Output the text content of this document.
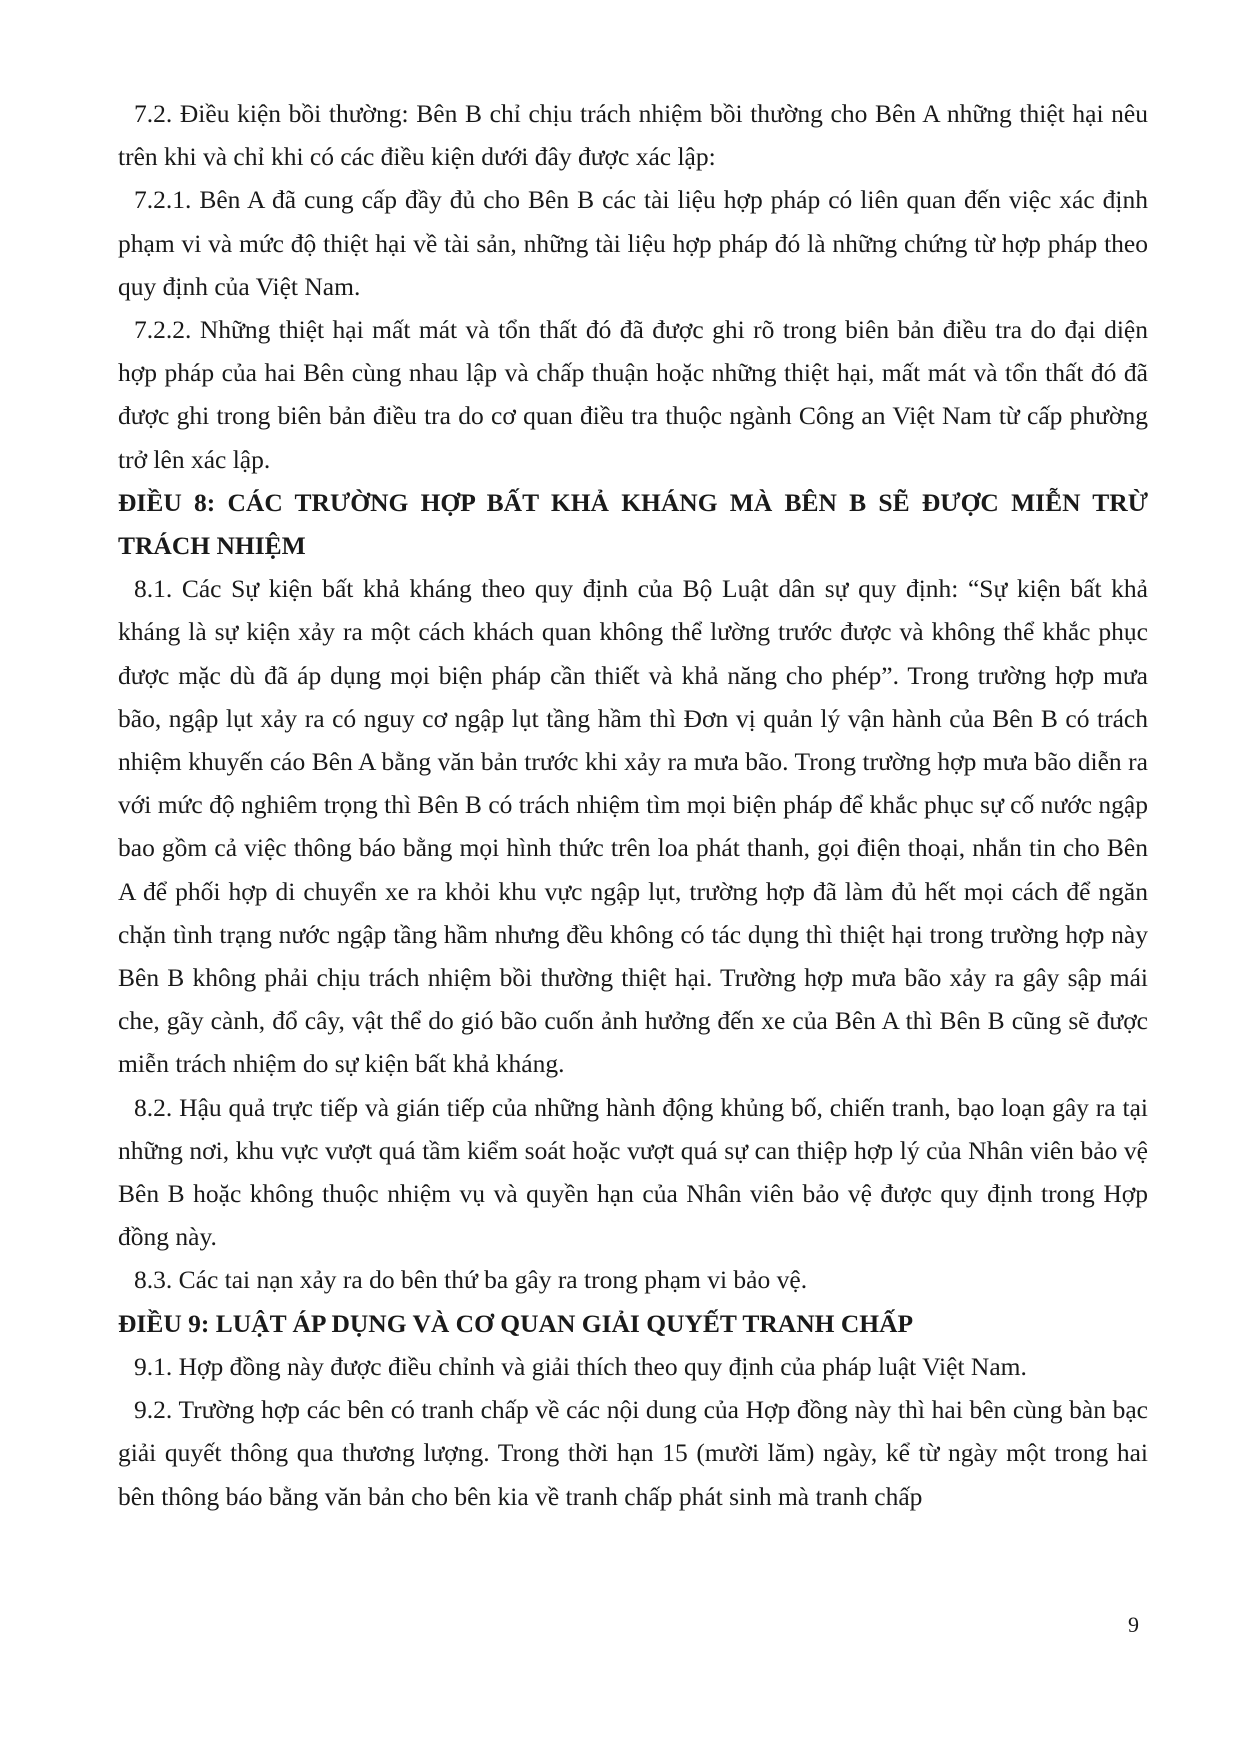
7.2. Điều kiện bồi thường: Bên B chỉ chịu trách nhiệm bồi thường cho Bên A những thiệt hại nêu trên khi và chỉ khi có các điều kiện dưới đây được xác lập:

7.2.1. Bên A đã cung cấp đầy đủ cho Bên B các tài liệu hợp pháp có liên quan đến việc xác định phạm vi và mức độ thiệt hại về tài sản, những tài liệu hợp pháp đó là những chứng từ hợp pháp theo quy định của Việt Nam.

7.2.2. Những thiệt hại mất mát và tổn thất đó đã được ghi rõ trong biên bản điều tra do đại diện hợp pháp của hai Bên cùng nhau lập và chấp thuận hoặc những thiệt hại, mất mát và tổn thất đó đã được ghi trong biên bản điều tra do cơ quan điều tra thuộc ngành Công an Việt Nam từ cấp phường trở lên xác lập.

ĐIỀU 8: CÁC TRƯỜNG HỢP BẤT KHẢ KHÁNG MÀ BÊN B SẼ ĐƯỢC MIỄN TRỪ TRÁCH NHIỆM

8.1. Các Sự kiện bất khả kháng theo quy định của Bộ Luật dân sự quy định: “Sự kiện bất khả kháng là sự kiện xảy ra một cách khách quan không thể lường trước được và không thể khắc phục được mặc dù đã áp dụng mọi biện pháp cần thiết và khả năng cho phép”. Trong trường hợp mưa bão, ngập lụt xảy ra có nguy cơ ngập lụt tầng hầm thì Đơn vị quản lý vận hành của Bên B có trách nhiệm khuyến cáo Bên A bằng văn bản trước khi xảy ra mưa bão. Trong trường hợp mưa bão diễn ra với mức độ nghiêm trọng thì Bên B có trách nhiệm tìm mọi biện pháp để khắc phục sự cố nước ngập bao gồm cả việc thông báo bằng mọi hình thức trên loa phát thanh, gọi điện thoại, nhắn tin cho Bên A để phối hợp di chuyển xe ra khỏi khu vực ngập lụt, trường hợp đã làm đủ hết mọi cách để ngăn chặn tình trạng nước ngập tầng hầm nhưng đều không có tác dụng thì thiệt hại trong trường hợp này Bên B không phải chịu trách nhiệm bồi thường thiệt hại. Trường hợp mưa bão xảy ra gây sập mái che, gãy cành, đổ cây, vật thể do gió bão cuốn ảnh hưởng đến xe của Bên A thì Bên B cũng sẽ được miễn trách nhiệm do sự kiện bất khả kháng.

8.2. Hậu quả trực tiếp và gián tiếp của những hành động khủng bố, chiến tranh, bạo loạn gây ra tại những nơi, khu vực vượt quá tầm kiểm soát hoặc vượt quá sự can thiệp hợp lý của Nhân viên bảo vệ Bên B hoặc không thuộc nhiệm vụ và quyền hạn của Nhân viên bảo vệ được quy định trong Hợp đồng này.

8.3. Các tai nạn xảy ra do bên thứ ba gây ra trong phạm vi bảo vệ.

ĐIỀU 9: LUẬT ÁP DỤNG VÀ CƠ QUAN GIẢI QUYẾT TRANH CHẤP

9.1. Hợp đồng này được điều chỉnh và giải thích theo quy định của pháp luật Việt Nam.

9.2. Trường hợp các bên có tranh chấp về các nội dung của Hợp đồng này thì hai bên cùng bàn bạc giải quyết thông qua thương lượng. Trong thời hạn 15 (mười lăm) ngày, kể từ ngày một trong hai bên thông báo bằng văn bản cho bên kia về tranh chấp phát sinh mà tranh chấp

9
